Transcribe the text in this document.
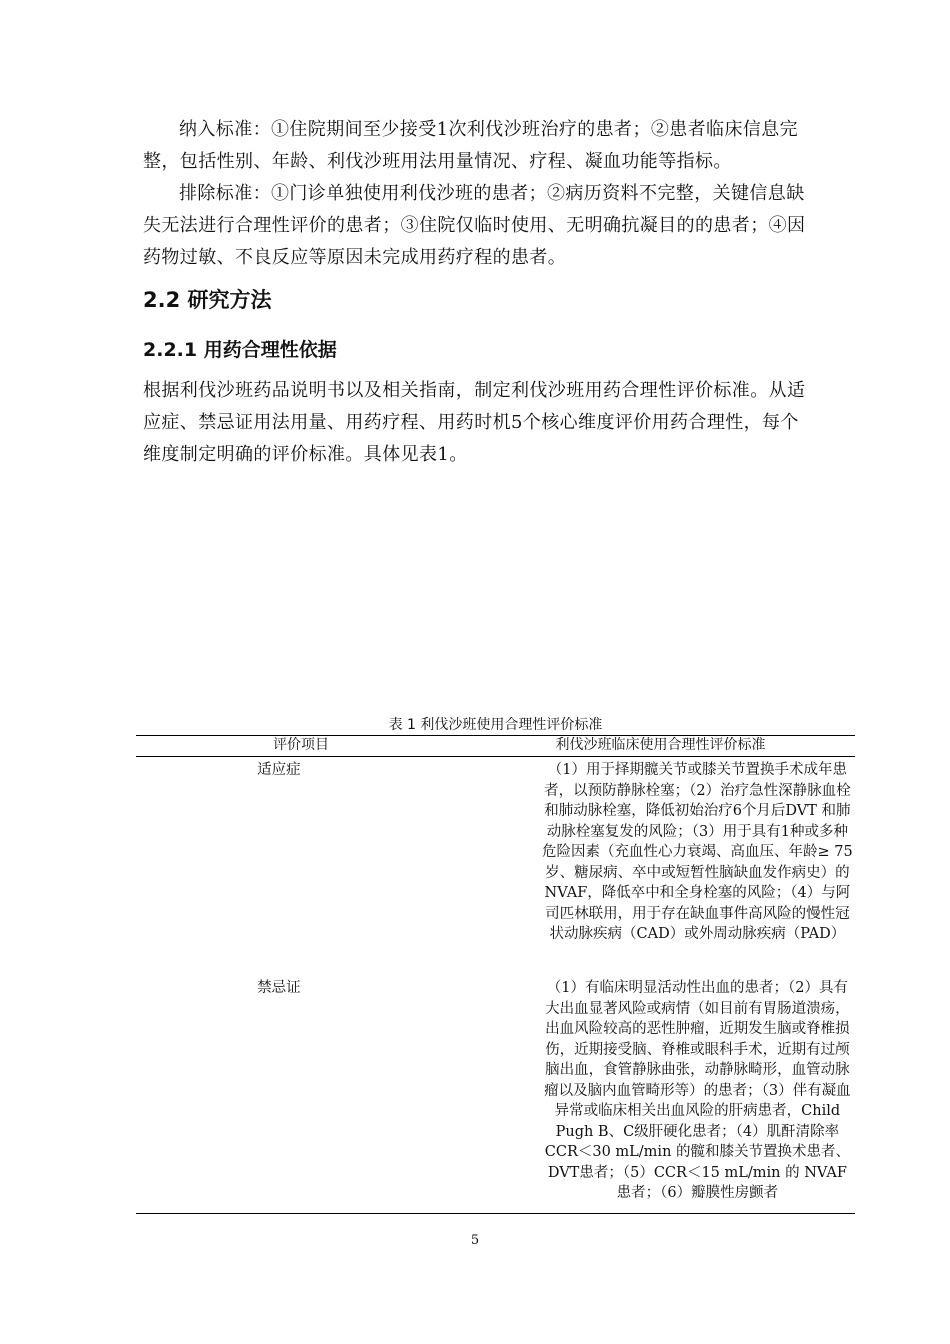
纳入标准：①住院期间至少接受1次利伐沙班治疗的患者；②患者临床信息完整，包括性别、年龄、利伐沙班用法用量情况、疗程、凝血功能等指标。

排除标准：①门诊单独使用利伐沙班的患者；②病历资料不完整，关键信息缺失无法进行合理性评价的患者；③住院仅临时使用、无明确抗凝目的的患者；④因药物过敏、不良反应等原因未完成用药疗程的患者。

2.2 研究方法
2.2.1 用药合理性依据

根据利伐沙班药品说明书以及相关指南，制定利伐沙班用药合理性评价标准。从适应症、禁忌证用法用量、用药疗程、用药时机5个核心维度评价用药合理性，每个维度制定明确的评价标准。具体见表1。

表 1 利伐沙班使用合理性评价标准
评价项目	利伐沙班临床使用合理性评价标准
适应症	（1）用于择期髋关节或膝关节置换手术成年患者，以预防静脉栓塞；（2）治疗急性深静脉血栓和肺动脉栓塞，降低初始治疗6个月后DVT 和肺动脉栓塞复发的风险；（3）用于具有1种或多种危险因素（充血性心力衰竭、高血压、年龄≥ 75岁、糖尿病、卒中或短暂性脑缺血发作病史）的NVAF，降低卒中和全身栓塞的风险；（4）与阿司匹林联用，用于存在缺血事件高风险的慢性冠状动脉疾病（CAD）或外周动脉疾病（PAD）
禁忌证	（1）有临床明显活动性出血的患者；（2）具有大出血显著风险或病情（如目前有胃肠道溃疡，出血风险较高的恶性肿瘤，近期发生脑或脊椎损伤，近期接受脑、脊椎或眼科手术，近期有过颅脑出血，食管静脉曲张，动静脉畸形，血管动脉瘤以及脑内血管畸形等）的患者；（3）伴有凝血异常或临床相关出血风险的肝病患者，Child Pugh B、C级肝硬化患者；（4）肌酐清除率CCR＜30 mL/min 的髋和膝关节置换术患者、DVT患者；（5）CCR＜15 mL/min 的 NVAF 患者；（6）瓣膜性房颤者
5
